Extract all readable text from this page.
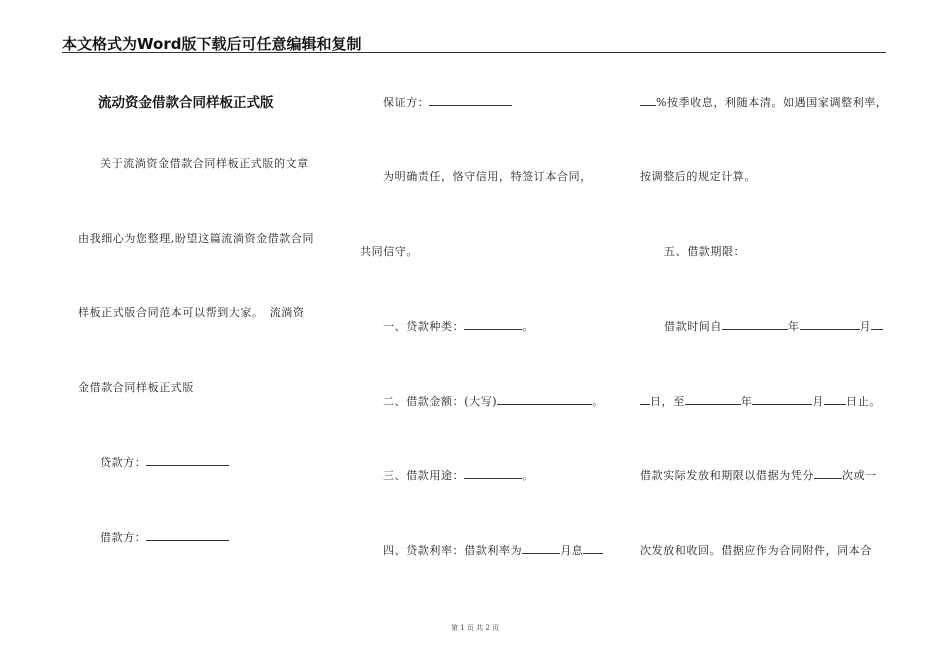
本文格式为Word版下载后可任意编辑和复制
流动资金借款合同样板正式版
关于流淌资金借款合同样板正式版的文章
由我细心为您整理,盼望这篇流淌资金借款合同
样板正式版合同范本可以帮到大家。　流淌资
金借款合同样板正式版
贷款方：
借款方：
保证方：
为明确责任，恪守信用，特签订本合同，
共同信守。
一、贷款种类：	。
二、借款金额：(大写)	。
三、借款用途：	。
四、贷款利率：借款利率为	月息
%按季收息，利随本清。如遇国家调整利率，
按调整后的规定计算。
五、借款期限：
借款时间自	年	月
日，至	年	月 日止。
借款实际发放和期限以借据为凭分	次或一
次发放和收回。借据应作为合同附件，同本合
第 1 页 共 2 页
